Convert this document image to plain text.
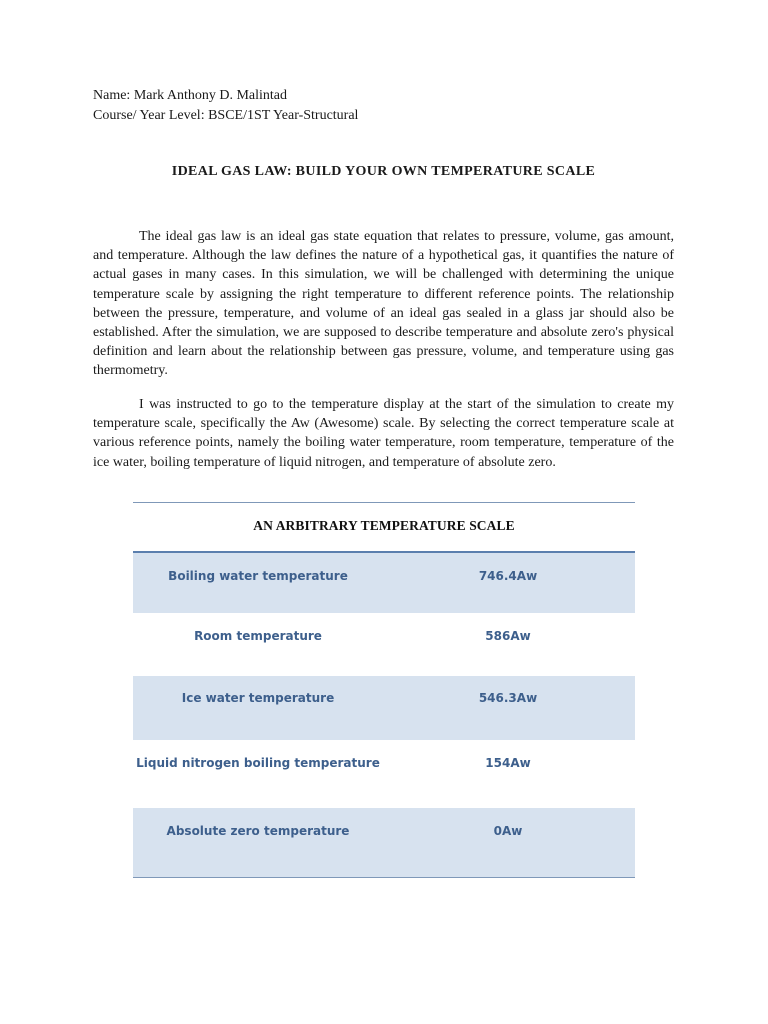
Name: Mark Anthony D. Malintad

Course/ Year Level: BSCE/1ST Year-Structural

IDEAL GAS LAW: BUILD YOUR OWN TEMPERATURE SCALE

The ideal gas law is an ideal gas state equation that relates to pressure, volume, gas amount, and temperature. Although the law defines the nature of a hypothetical gas, it quantifies the nature of actual gases in many cases. In this simulation, we will be challenged with determining the unique temperature scale by assigning the right temperature to different reference points. The relationship between the pressure, temperature, and volume of an ideal gas sealed in a glass jar should also be established. After the simulation, we are supposed to describe temperature and absolute zero's physical definition and learn about the relationship between gas pressure, volume, and temperature using gas thermometry.

I was instructed to go to the temperature display at the start of the simulation to create my temperature scale, specifically the Aw (Awesome) scale. By selecting the correct temperature scale at various reference points, namely the boiling water temperature, room temperature, temperature of the ice water, boiling temperature of liquid nitrogen, and temperature of absolute zero.

AN ARBITRARY TEMPERATURE SCALE
Boiling water temperature	746.4Aw
Room temperature	586Aw
Ice water temperature	546.3Aw
Liquid nitrogen boiling temperature	154Aw
Absolute zero temperature	0Aw
